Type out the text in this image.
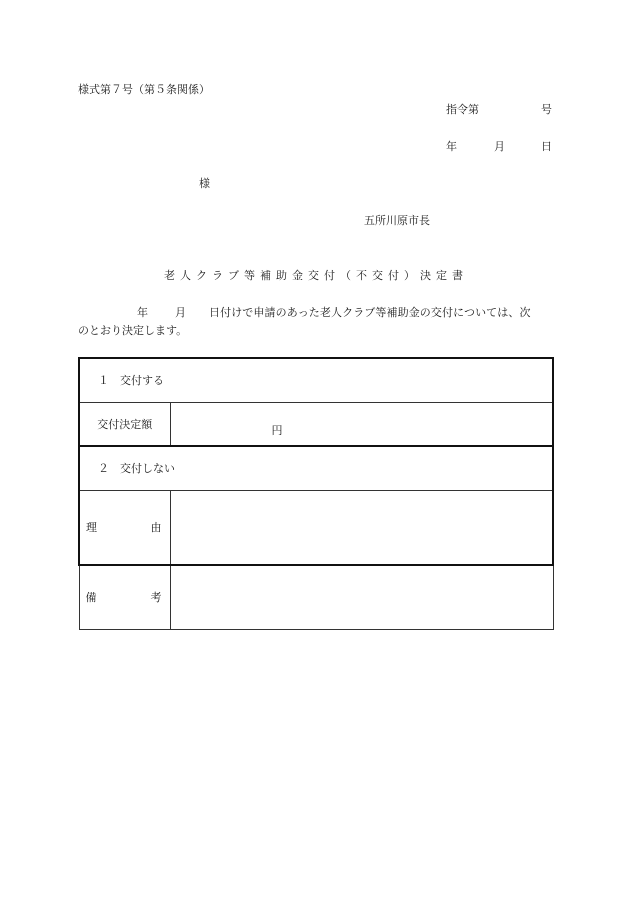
様式第７号（第５条関係）
指令第	号
年	月	日
様
五所川原市長
老人クラブ等補助金交付（不交付）決定書
年 月 日付けで申請のあった老人クラブ等補助金の交付については、次
のとおり決定します。
１　交付する	
交付決定額	円
２　交付しない	

理 由	

備 考	
